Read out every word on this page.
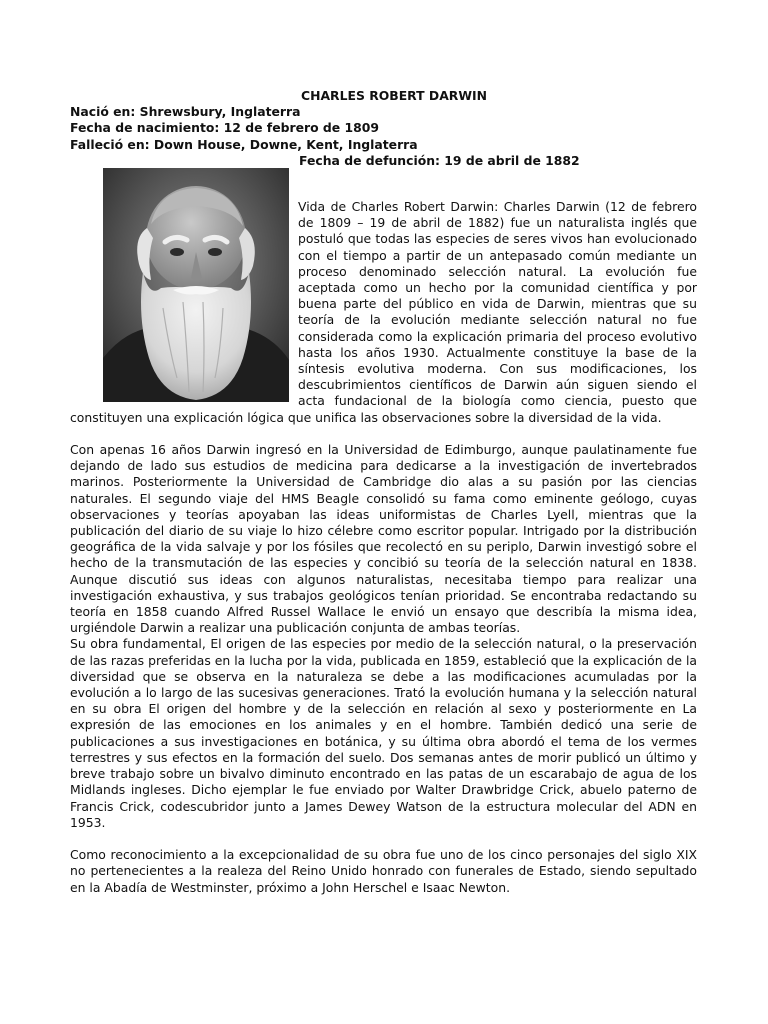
CHARLES ROBERT DARWIN
Nació en: Shrewsbury, Inglaterra
Fecha de nacimiento: 12 de febrero de 1809
Falleció en: Down House, Downe, Kent, Inglaterra
Fecha de defunción: 19 de abril de 1882

Vida de Charles Robert Darwin: Charles Darwin (12 de febrero de 1809 – 19 de abril de 1882) fue un naturalista inglés que postuló que todas las especies de seres vivos han evolucionado con el tiempo a partir de un antepasado común mediante un proceso denominado selección natural. La evolución fue aceptada como un hecho por la comunidad científica y por buena parte del público en vida de Darwin, mientras que su teoría de la evolución mediante selección natural no fue considerada como la explicación primaria del proceso evolutivo hasta los años 1930. Actualmente constituye la base de la síntesis evolutiva moderna. Con sus modificaciones, los descubrimientos científicos de Darwin aún siguen siendo el acta fundacional de la biología como ciencia, puesto que constituyen una explicación lógica que unifica las observaciones sobre la diversidad de la vida.

Con apenas 16 años Darwin ingresó en la Universidad de Edimburgo, aunque paulatinamente fue dejando de lado sus estudios de medicina para dedicarse a la investigación de invertebrados marinos. Posteriormente la Universidad de Cambridge dio alas a su pasión por las ciencias naturales. El segundo viaje del HMS Beagle consolidó su fama como eminente geólogo, cuyas observaciones y teorías apoyaban las ideas uniformistas de Charles Lyell, mientras que la publicación del diario de su viaje lo hizo célebre como escritor popular. Intrigado por la distribución geográfica de la vida salvaje y por los fósiles que recolectó en su periplo, Darwin investigó sobre el hecho de la transmutación de las especies y concibió su teoría de la selección natural en 1838. Aunque discutió sus ideas con algunos naturalistas, necesitaba tiempo para realizar una investigación exhaustiva, y sus trabajos geológicos tenían prioridad. Se encontraba redactando su teoría en 1858 cuando Alfred Russel Wallace le envió un ensayo que describía la misma idea, urgiéndole Darwin a realizar una publicación conjunta de ambas teorías.

Su obra fundamental, El origen de las especies por medio de la selección natural, o la preservación de las razas preferidas en la lucha por la vida, publicada en 1859, estableció que la explicación de la diversidad que se observa en la naturaleza se debe a las modificaciones acumuladas por la evolución a lo largo de las sucesivas generaciones. Trató la evolución humana y la selección natural en su obra El origen del hombre y de la selección en relación al sexo y posteriormente en La expresión de las emociones en los animales y en el hombre. También dedicó una serie de publicaciones a sus investigaciones en botánica, y su última obra abordó el tema de los vermes terrestres y sus efectos en la formación del suelo. Dos semanas antes de morir publicó un último y breve trabajo sobre un bivalvo diminuto encontrado en las patas de un escarabajo de agua de los Midlands ingleses. Dicho ejemplar le fue enviado por Walter Drawbridge Crick, abuelo paterno de Francis Crick, codescubridor junto a James Dewey Watson de la estructura molecular del ADN en 1953.

Como reconocimiento a la excepcionalidad de su obra fue uno de los cinco personajes del siglo XIX no pertenecientes a la realeza del Reino Unido honrado con funerales de Estado, siendo sepultado en la Abadía de Westminster, próximo a John Herschel e Isaac Newton.
